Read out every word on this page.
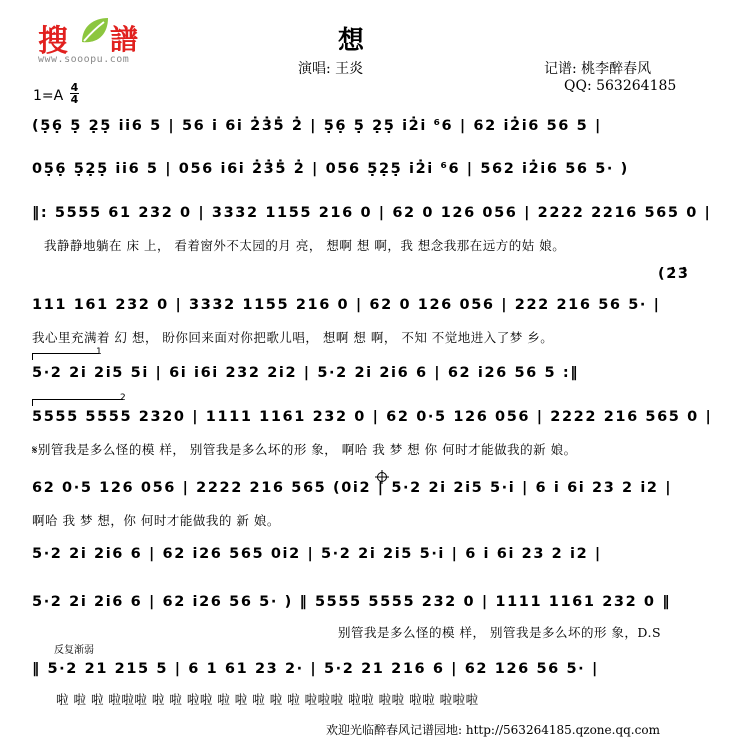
搜 譜
www.sooopu.com
想
演唱: 王炎	记谱: 桃李醉春风
QQ: 563264185
1=A
4
4
(5̣6̣ 5̣ 2̣5̣ i̇i̇6 5 | 56 i̇ 6i̇ 2̇3̇5̇ 2̇ | 5̣6̣ 5̣ 2̣5̣ i̇2̇i̇ ⁶6 | 62 i̇2̇i̇6 56 5 |
05̣6̣ 5̣2̣5̣ i̇i̇6 5 | 056 i̇6i̇ 2̇3̇5̇ 2̇ | 056 5̣2̣5̣ i̇2̇i̇ ⁶6 | 562 i̇2̇i̇6 56 5· )
‖: 5555 61 232 0 | 3332 1155 216 0 | 62 0 126 056 | 2222 2216 565 0 |
我静静地躺在 床 上， 看着窗外不太园的月 亮， 想啊 想 啊，我 想念我那在远方的姑 娘。
(2̇3̇
111 161 232 0 | 3332 1155 216 0 | 62 0 126 056 | 222 216 56 5· |
我心里充满着 幻 想， 盼你回来面对你把歌儿唱， 想啊 想 啊， 不知 不觉地进入了梦 乡。
1
5·2 2i 2i5 5i | 6i i6i 232 2i2 | 5·2 2i 2i6 6 | 62 i26 56 5 :‖
2
5555 5555 2320 | 1111 1161 232 0 | 62 0·5 126 056 | 2222 216 565 0 |
𝄋别管我是多么怪的模 样， 别管我是多么坏的形 象， 啊哈 我 梦 想 你 何时才能做我的新 娘。
62 0·5 126 056 | 2222 216 565 (0i2 | 5·2 2i 2i5 5·i | 6 i 6i 23 2 i2 |
啊哈 我 梦 想，你 何时才能做我的 新 娘。
5·2 2i 2i6 6 | 62 i26 565 0i2 | 5·2 2i 2i5 5·i | 6 i 6i 23 2 i2 |
5·2 2i 2i6 6 | 62 i26 56 5· ) ‖ 5555 5555 232 0 | 1111 1161 232 0 ‖
别管我是多么怪的模 样， 别管我是多么坏的形 象，D.S
反复渐弱
‖ 5·2 21 215 5 | 6 1 61 23 2· | 5·2 21 216 6 | 62 126 56 5· |
啦 啦 啦 啦啦啦 啦 啦 啦啦 啦 啦 啦 啦 啦 啦啦啦 啦啦 啦啦 啦啦 啦啦啦
欢迎光临醉春风记谱园地: http://563264185.qzone.qq.com
